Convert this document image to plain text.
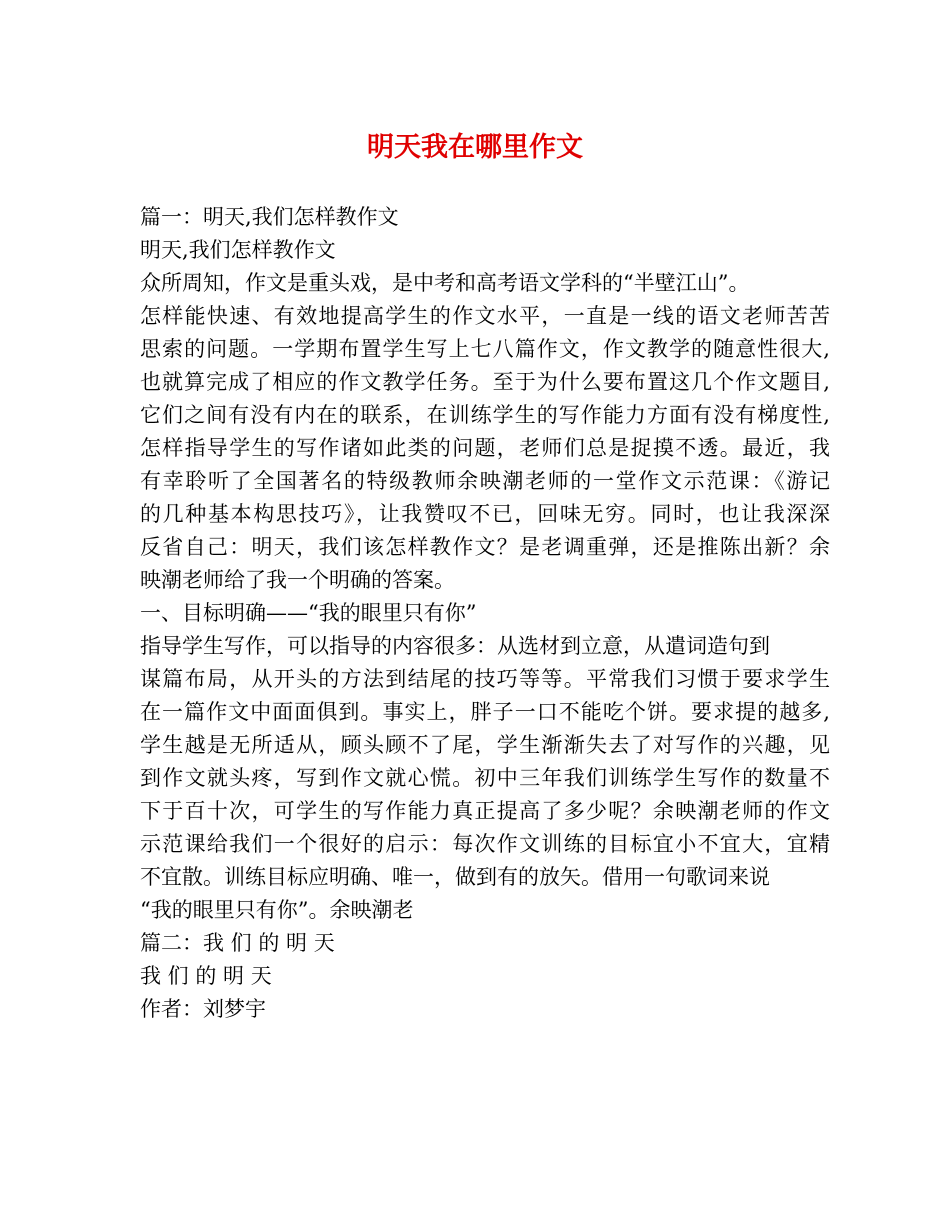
明天我在哪里作文

篇一：明天,我们怎样教作文

明天,我们怎样教作文

众所周知，作文是重头戏，是中考和高考语文学科的“半壁江山”。

怎样能快速、有效地提高学生的作文水平，一直是一线的语文老师苦苦

思索的问题。一学期布置学生写上七八篇作文，作文教学的随意性很大,

也就算完成了相应的作文教学任务。至于为什么要布置这几个作文题目,

它们之间有没有内在的联系，在训练学生的写作能力方面有没有梯度性,

怎样指导学生的写作诸如此类的问题，老师们总是捉摸不透。最近，我

有幸聆听了全国著名的特级教师余映潮老师的一堂作文示范课：《游记

的几种基本构思技巧》，让我赞叹不已，回味无穷。同时，也让我深深

反省自己：明天，我们该怎样教作文？是老调重弹，还是推陈出新？余

映潮老师给了我一个明确的答案。

一、目标明确——“我的眼里只有你”

指导学生写作，可以指导的内容很多：从选材到立意，从遣词造句到

谋篇布局，从开头的方法到结尾的技巧等等。平常我们习惯于要求学生

在一篇作文中面面俱到。事实上，胖子一口不能吃个饼。要求提的越多,

学生越是无所适从，顾头顾不了尾，学生渐渐失去了对写作的兴趣，见

到作文就头疼，写到作文就心慌。初中三年我们训练学生写作的数量不

下于百十次，可学生的写作能力真正提高了多少呢？余映潮老师的作文

示范课给我们一个很好的启示：每次作文训练的目标宜小不宜大，宜精

不宜散。训练目标应明确、唯一，做到有的放矢。借用一句歌词来说

“我的眼里只有你”。余映潮老

篇二：我 们 的 明 天

我 们 的 明 天

作者：刘梦宇
